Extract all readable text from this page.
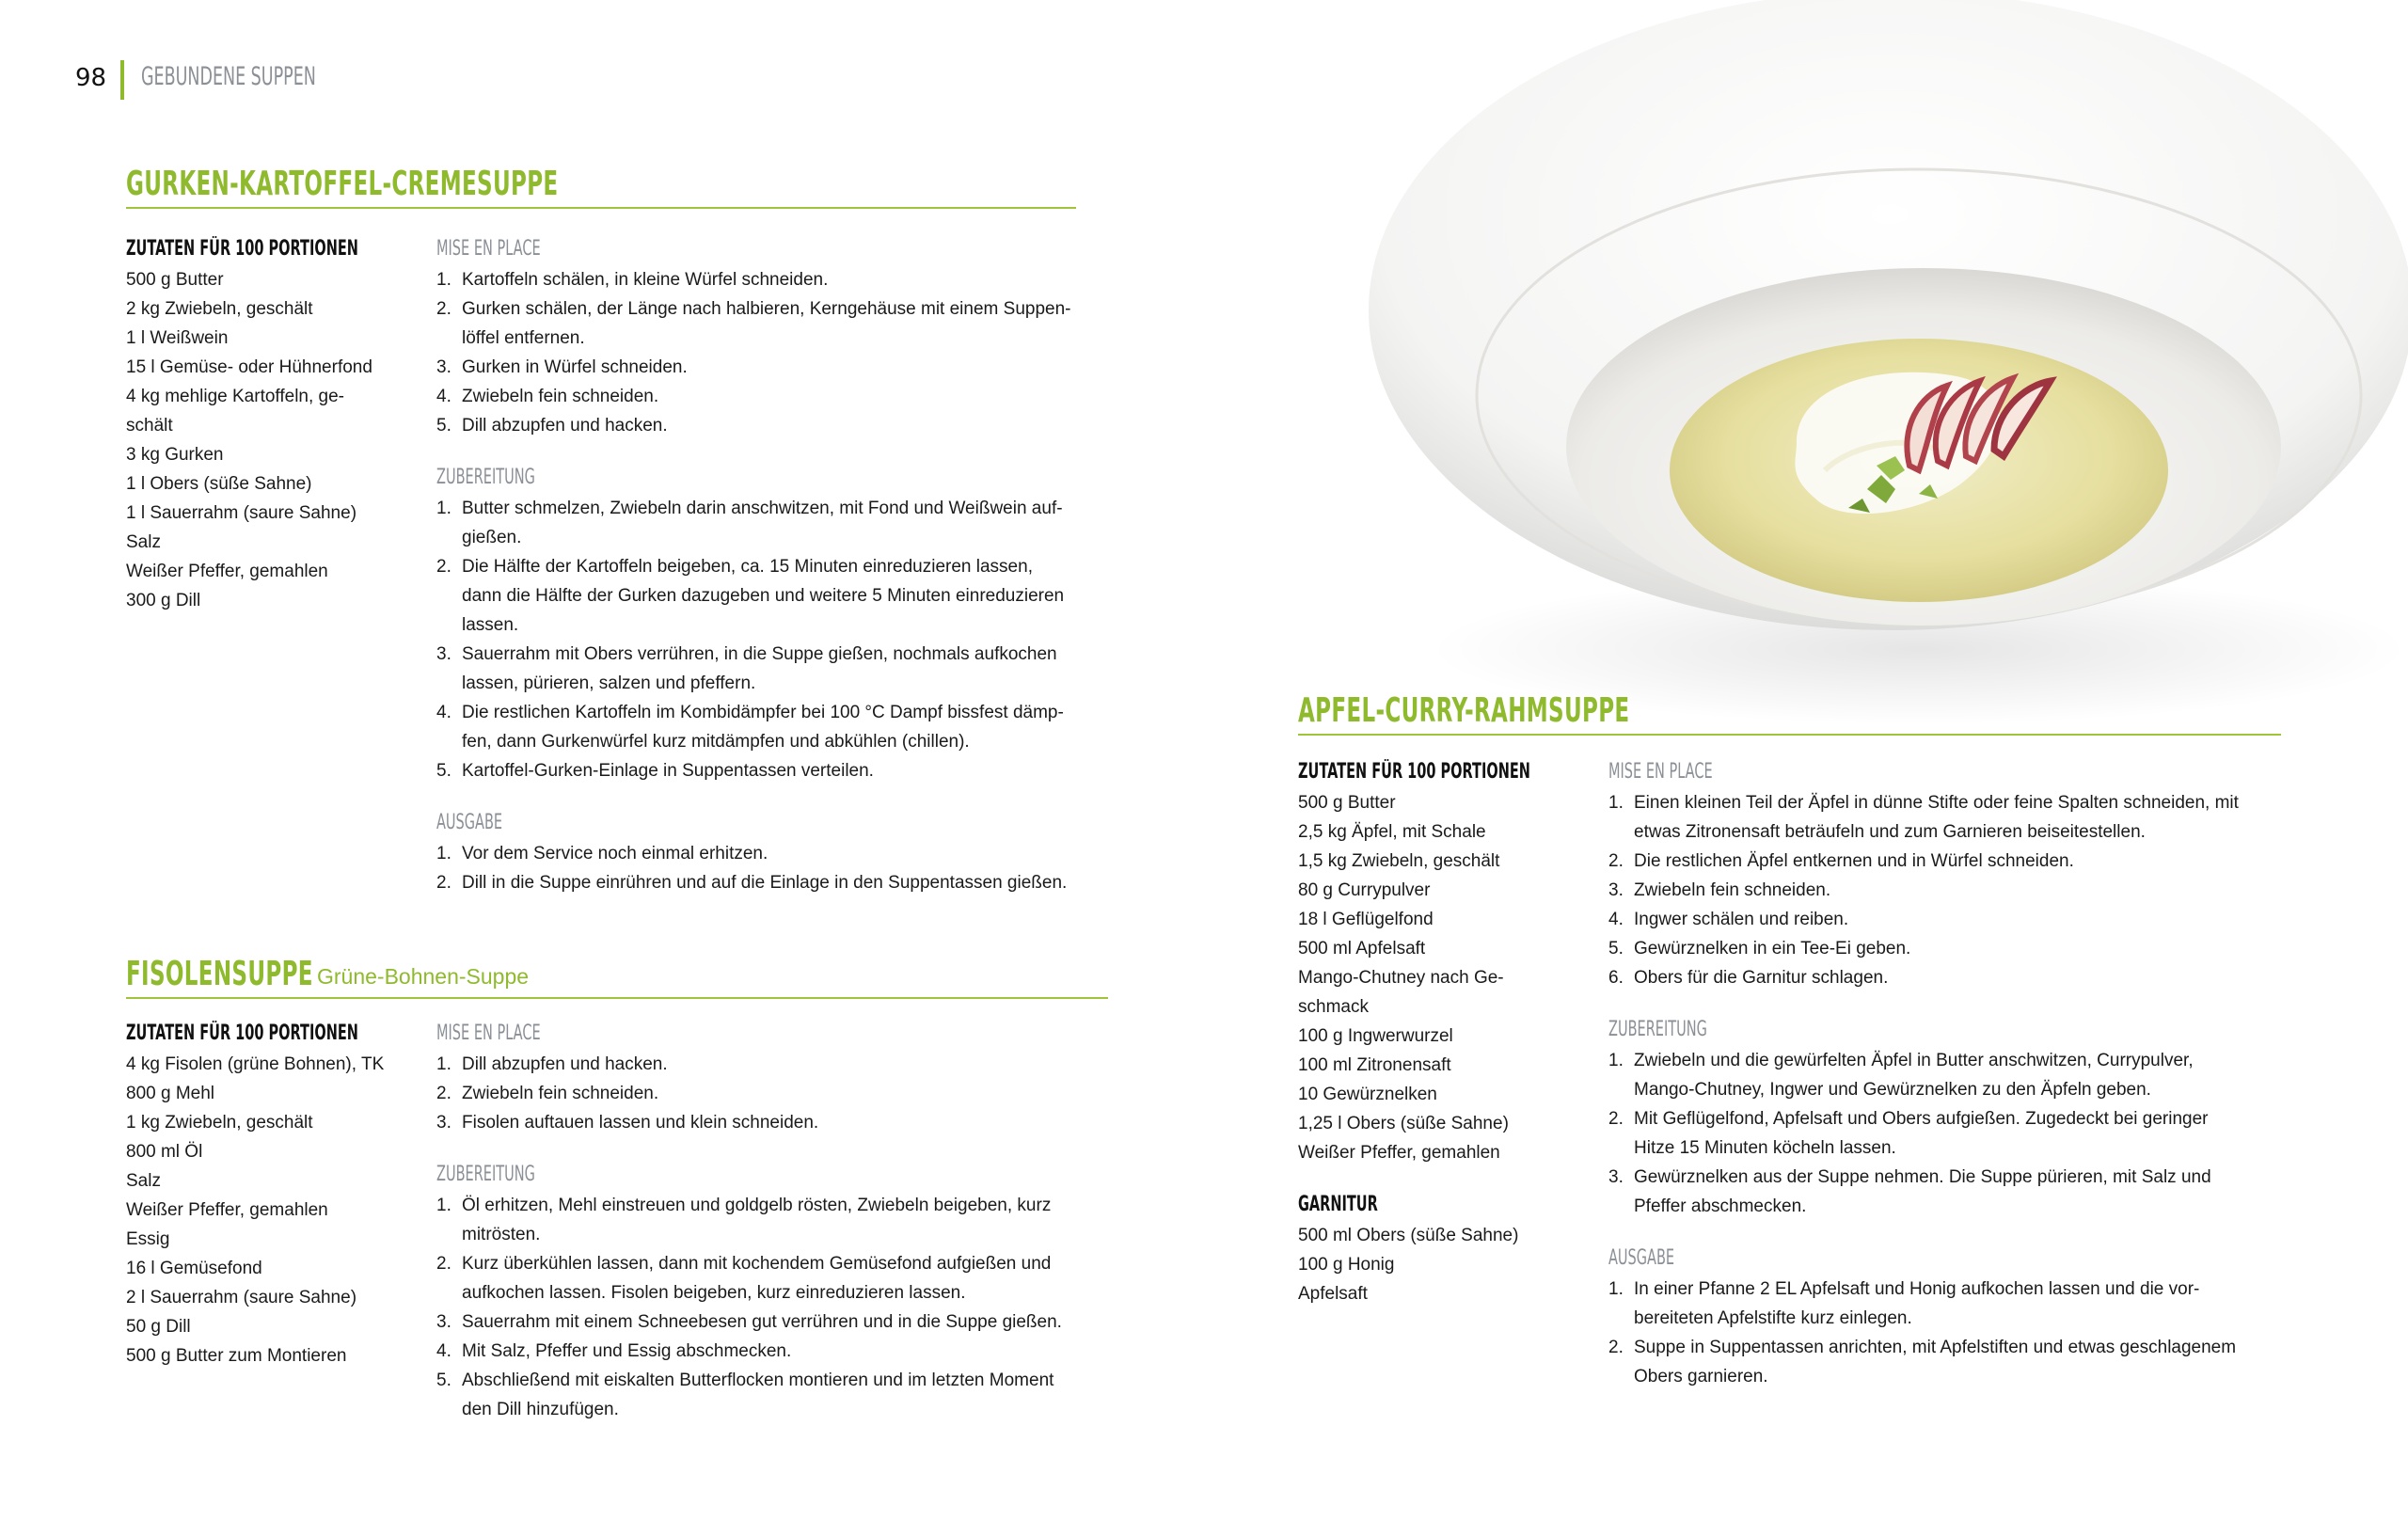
98 GEBUNDENE SUPPEN
GURKEN-KARTOFFEL-CREMESUPPE
ZUTATEN FÜR 100 PORTIONEN
500 g Butter
2 kg Zwiebeln, geschält
1 l Weißwein
15 l Gemüse- oder Hühnerfond
4 kg mehlige Kartoffeln, ge-
schält
3 kg Gurken
1 l Obers (süße Sahne)
1 l Sauerrahm (saure Sahne)
Salz
Weißer Pfeffer, gemahlen
300 g Dill
MISE EN PLACE
1. Kartoffeln schälen, in kleine Würfel schneiden.
2. Gurken schälen, der Länge nach halbieren, Kerngehäuse mit einem Suppen-
löffel entfernen.
3. Gurken in Würfel schneiden.
4. Zwiebeln fein schneiden.
5. Dill abzupfen und hacken.
ZUBEREITUNG
1. Butter schmelzen, Zwiebeln darin anschwitzen, mit Fond und Weißwein auf-
gießen.
2. Die Hälfte der Kartoffeln beigeben, ca. 15 Minuten einreduzieren lassen,
dann die Hälfte der Gurken dazugeben und weitere 5 Minuten einreduzieren
lassen.
3. Sauerrahm mit Obers verrühren, in die Suppe gießen, nochmals aufkochen
lassen, pürieren, salzen und pfeffern.
4. Die restlichen Kartoffeln im Kombidämpfer bei 100 °C Dampf bissfest dämp-
fen, dann Gurkenwürfel kurz mitdämpfen und abkühlen (chillen).
5. Kartoffel-Gurken-Einlage in Suppentassen verteilen.
AUSGABE
1. Vor dem Service noch einmal erhitzen.
2. Dill in die Suppe einrühren und auf die Einlage in den Suppentassen gießen.
FISOLENSUPPE Grüne-Bohnen-Suppe
ZUTATEN FÜR 100 PORTIONEN
4 kg Fisolen (grüne Bohnen), TK
800 g Mehl
1 kg Zwiebeln, geschält
800 ml Öl
Salz
Weißer Pfeffer, gemahlen
Essig
16 l Gemüsefond
2 l Sauerrahm (saure Sahne)
50 g Dill
500 g Butter zum Montieren
MISE EN PLACE
1. Dill abzupfen und hacken.
2. Zwiebeln fein schneiden.
3. Fisolen auftauen lassen und klein schneiden.
ZUBEREITUNG
1. Öl erhitzen, Mehl einstreuen und goldgelb rösten, Zwiebeln beigeben, kurz
mitrösten.
2. Kurz überkühlen lassen, dann mit kochendem Gemüsefond aufgießen und
aufkochen lassen. Fisolen beigeben, kurz einreduzieren lassen.
3. Sauerrahm mit einem Schneebesen gut verrühren und in die Suppe gießen.
4. Mit Salz, Pfeffer und Essig abschmecken.
5. Abschließend mit eiskalten Butterflocken montieren und im letzten Moment
den Dill hinzufügen.
APFEL-CURRY-RAHMSUPPE
ZUTATEN FÜR 100 PORTIONEN
500 g Butter
2,5 kg Äpfel, mit Schale
1,5 kg Zwiebeln, geschält
80 g Currypulver
18 l Geflügelfond
500 ml Apfelsaft
Mango-Chutney nach Ge-
schmack
100 g Ingwerwurzel
100 ml Zitronensaft
10 Gewürznelken
1,25 l Obers (süße Sahne)
Weißer Pfeffer, gemahlen
GARNITUR
500 ml Obers (süße Sahne)
100 g Honig
Apfelsaft
MISE EN PLACE
1. Einen kleinen Teil der Äpfel in dünne Stifte oder feine Spalten schneiden, mit
etwas Zitronensaft beträufeln und zum Garnieren beiseitestellen.
2. Die restlichen Äpfel entkernen und in Würfel schneiden.
3. Zwiebeln fein schneiden.
4. Ingwer schälen und reiben.
5. Gewürznelken in ein Tee-Ei geben.
6. Obers für die Garnitur schlagen.
ZUBEREITUNG
1. Zwiebeln und die gewürfelten Äpfel in Butter anschwitzen, Currypulver,
Mango-Chutney, Ingwer und Gewürznelken zu den Äpfeln geben.
2. Mit Geflügelfond, Apfelsaft und Obers aufgießen. Zugedeckt bei geringer
Hitze 15 Minuten köcheln lassen.
3. Gewürznelken aus der Suppe nehmen. Die Suppe pürieren, mit Salz und
Pfeffer abschmecken.
AUSGABE
1. In einer Pfanne 2 EL Apfelsaft und Honig aufkochen lassen und die vor-
bereiteten Apfelstifte kurz einlegen.
2. Suppe in Suppentassen anrichten, mit Apfelstiften und etwas geschlagenem
Obers garnieren.
